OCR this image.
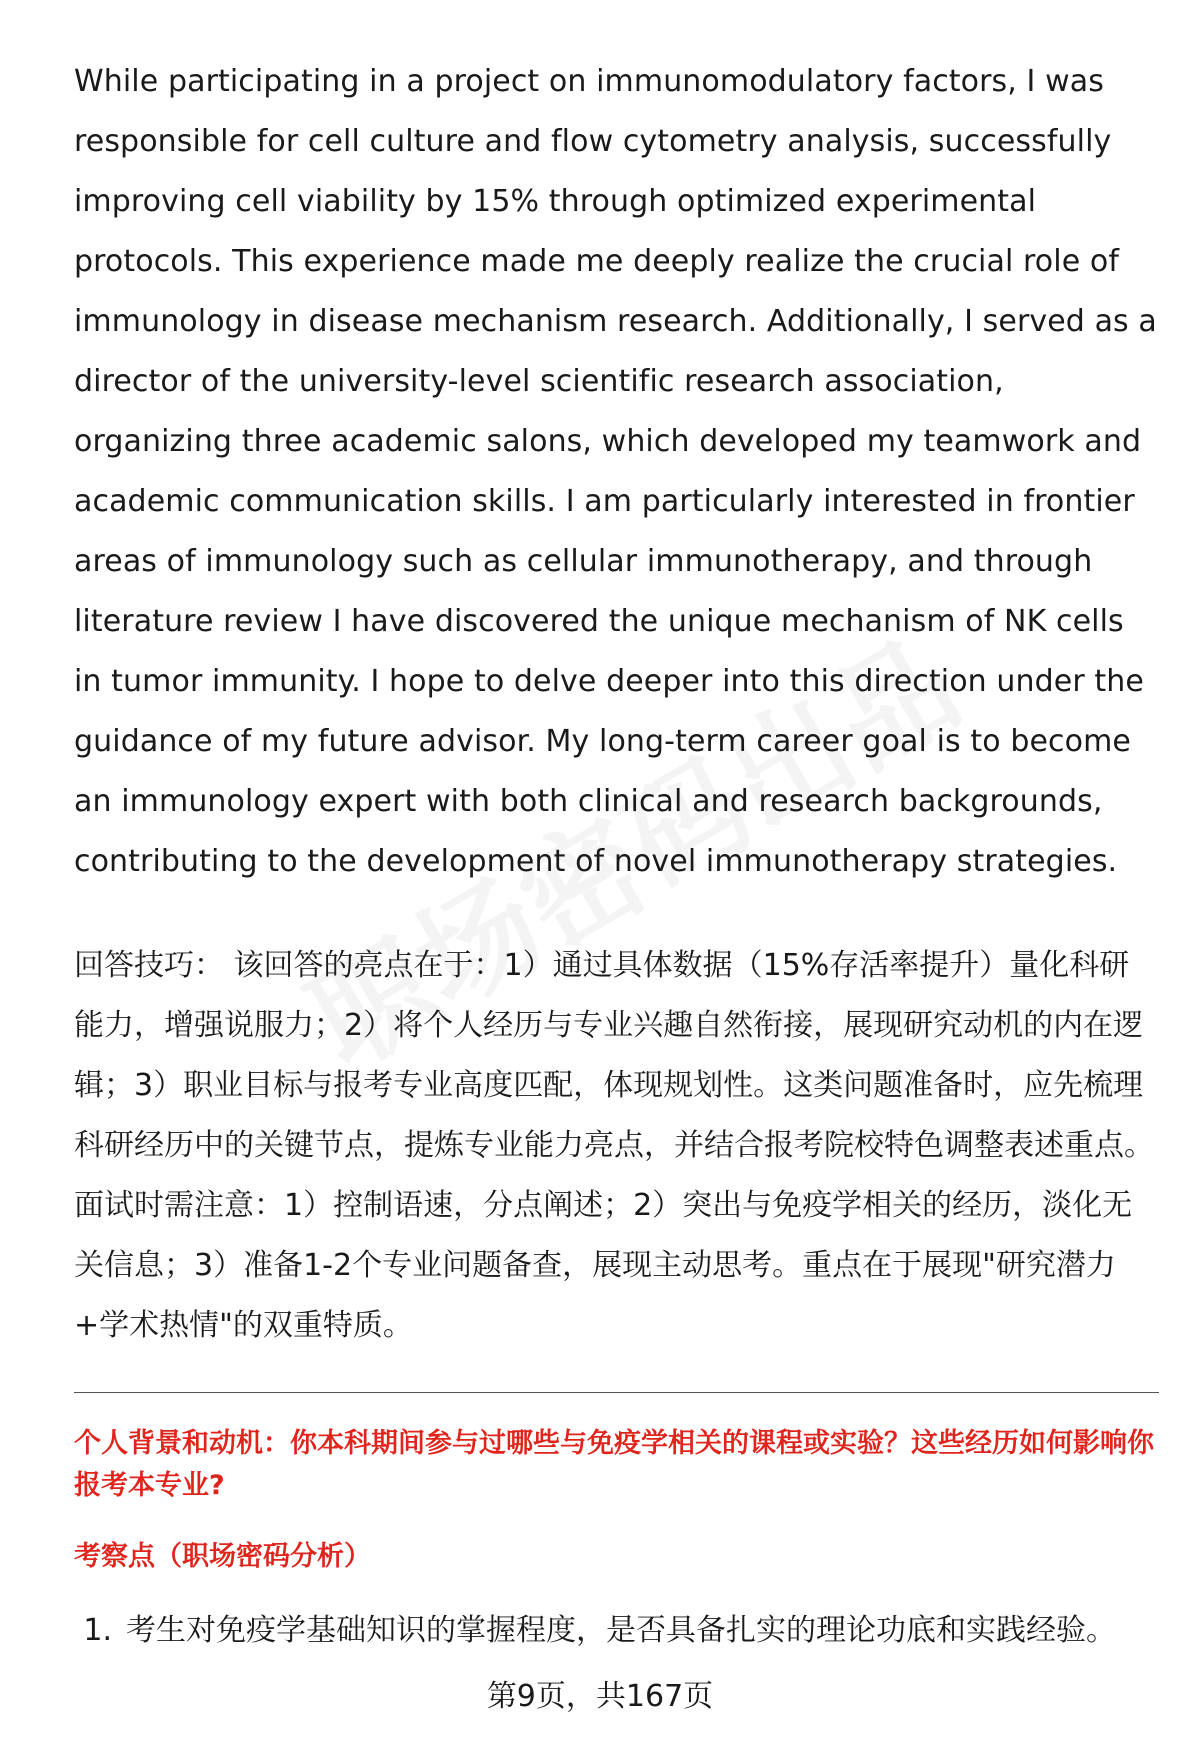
While participating in a project on immunomodulatory factors, I was responsible for cell culture and flow cytometry analysis, successfully improving cell viability by 15% through optimized experimental protocols. This experience made me deeply realize the crucial role of immunology in disease mechanism research. Additionally, I served as a director of the university-level scientific research association, organizing three academic salons, which developed my teamwork and academic communication skills. I am particularly interested in frontier areas of immunology such as cellular immunotherapy, and through literature review I have discovered the unique mechanism of NK cells in tumor immunity. I hope to delve deeper into this direction under the guidance of my future advisor. My long-term career goal is to become an immunology expert with both clinical and research backgrounds, contributing to the development of novel immunotherapy strategies.

回答技巧： 该回答的亮点在于：1）通过具体数据（15%存活率提升）量化科研能力，增强说服力；2）将个人经历与专业兴趣自然衔接，展现研究动机的内在逻辑；3）职业目标与报考专业高度匹配，体现规划性。这类问题准备时，应先梳理科研经历中的关键节点，提炼专业能力亮点，并结合报考院校特色调整表述重点。面试时需注意：1）控制语速，分点阐述；2）突出与免疫学相关的经历，淡化无关信息；3）准备1-2个专业问题备查，展现主动思考。重点在于展现"研究潜力+学术热情"的双重特质。

个人背景和动机：你本科期间参与过哪些与免疫学相关的课程或实验？这些经历如何影响你报考本专业?
考察点（职场密码分析）
1. 考生对免疫学基础知识的掌握程度，是否具备扎实的理论功底和实践经验。
第9页，共167页
